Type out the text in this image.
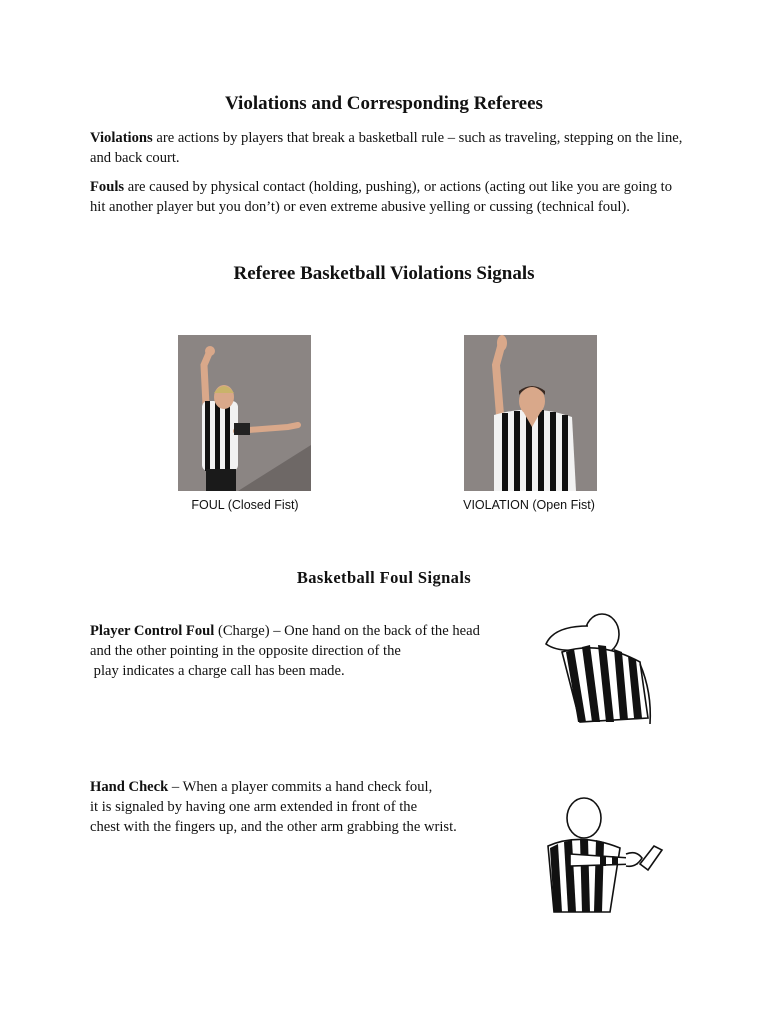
Violations and Corresponding Referees
Violations are actions by players that break a basketball rule – such as traveling, stepping on the line, and back court.
Fouls are caused by physical contact (holding, pushing), or actions (acting out like you are going to hit another player but you don’t) or even extreme abusive yelling or cussing (technical foul).
Referee Basketball Violations Signals
FOUL (Closed Fist)	VIOLATION (Open Fist)
Basketball Foul Signals
Player Control Foul (Charge) – One hand on the back of the head
and the other pointing in the opposite direction of the
play indicates a charge call has been made.
Hand Check – When a player commits a hand check foul,
it is signaled by having one arm extended in front of the
chest with the fingers up, and the other arm grabbing the wrist.
